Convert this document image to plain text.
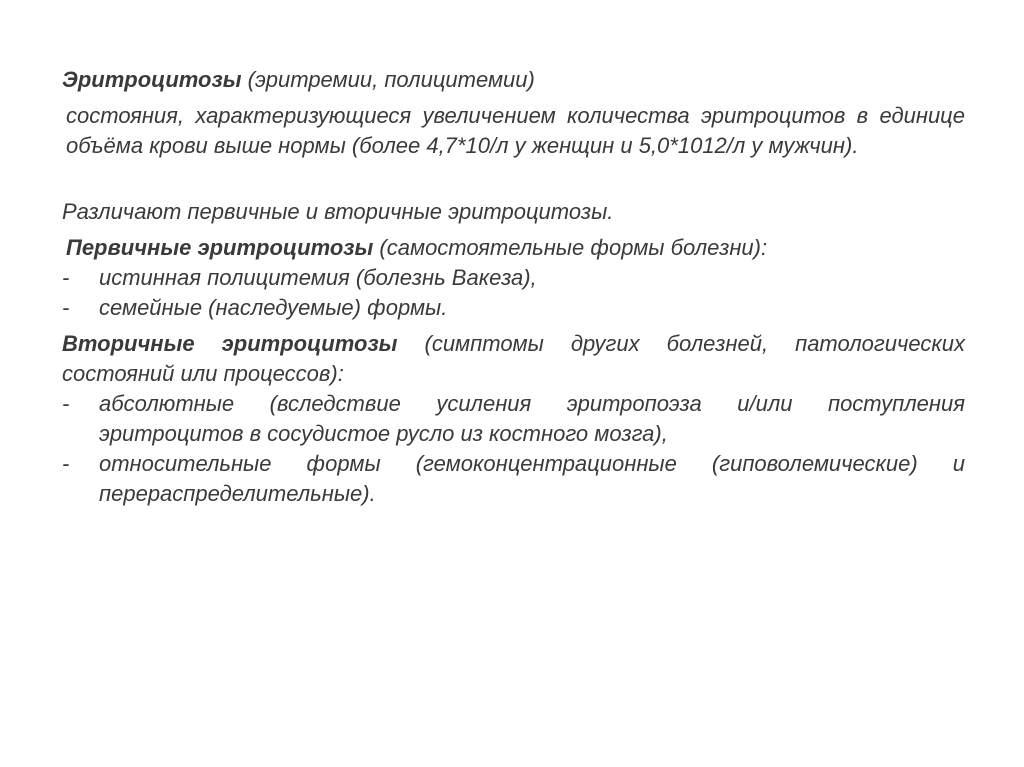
Эритроцитозы (эритремии, полицитемии)

состояния, характеризующиеся увеличением количества эритроцитов в единице объёма крови выше нормы (более 4,7*10/л у женщин и 5,0*1012/л у мужчин).

Различают первичные и вторичные эритроцитозы.

Первичные эритроцитозы (самостоятельные формы болезни):

-	истинная полицитемия (болезнь Вакеза),
-	семейные (наследуемые) формы.

Вторичные эритроцитозы (симптомы других болезней, патологических состояний или процессов):

-	абсолютные (вследствие усиления эритропоэза и/или поступления эритроцитов в сосудистое русло из костного мозга),
-	относительные формы (гемоконцентрационные (гиповолемические) и перераспределительные).
